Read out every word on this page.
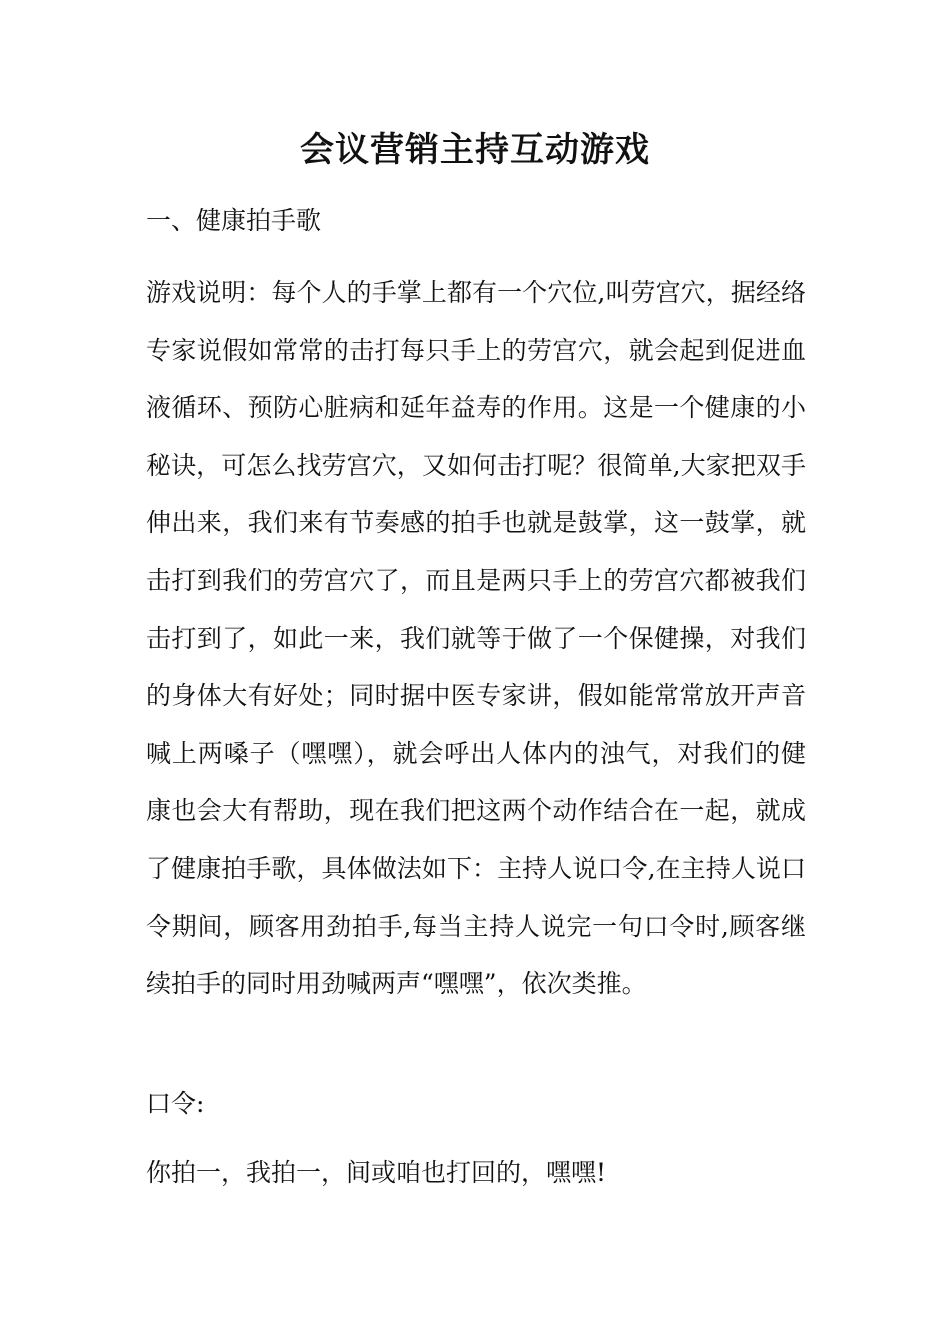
会议营销主持互动游戏

一、健康拍手歌

游戏说明：每个人的手掌上都有一个穴位,叫劳宫穴，据经络专家说假如常常的击打每只手上的劳宫穴，就会起到促进血液循环、预防心脏病和延年益寿的作用。这是一个健康的小秘诀，可怎么找劳宫穴，又如何击打呢？很简单,大家把双手伸出来，我们来有节奏感的拍手也就是鼓掌，这一鼓掌，就击打到我们的劳宫穴了，而且是两只手上的劳宫穴都被我们击打到了，如此一来，我们就等于做了一个保健操，对我们的身体大有好处；同时据中医专家讲，假如能常常放开声音喊上两嗓子（嘿嘿），就会呼出人体内的浊气，对我们的健康也会大有帮助，现在我们把这两个动作结合在一起，就成了健康拍手歌，具体做法如下：主持人说口令,在主持人说口令期间，顾客用劲拍手,每当主持人说完一句口令时,顾客继续拍手的同时用劲喊两声“嘿嘿”，依次类推。

口令:

你拍一，我拍一，间或咱也打回的，嘿嘿!
